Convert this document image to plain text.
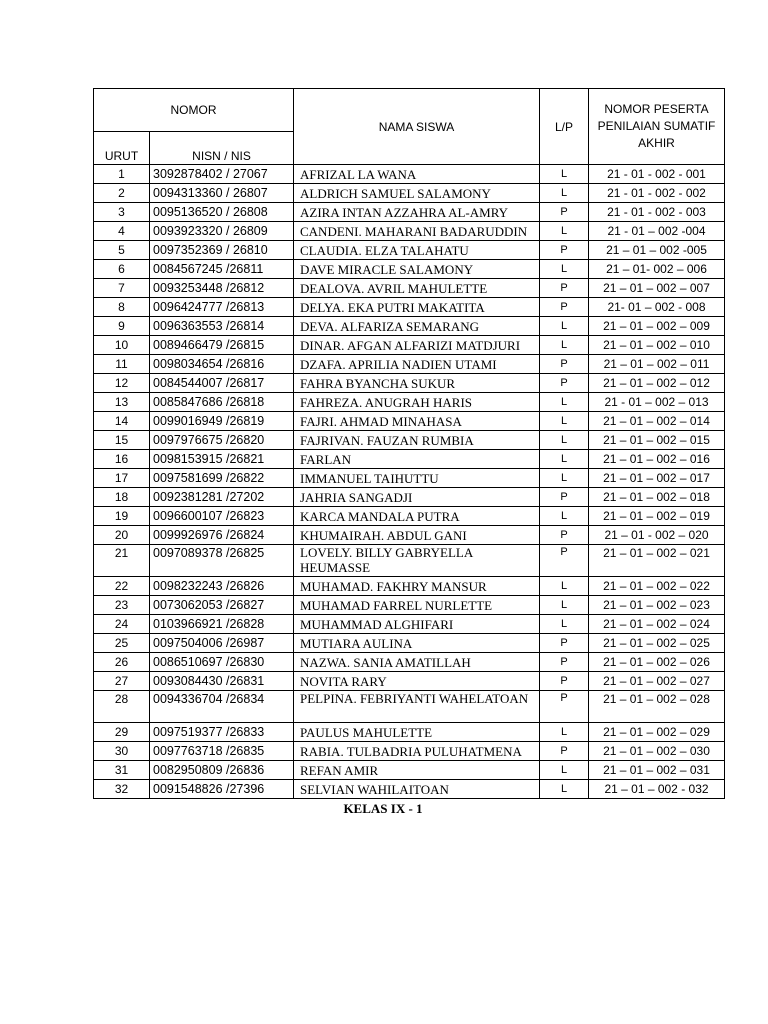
NOMOR		NAMA SISWA	L/P	NOMOR PESERTA
PENILAIAN SUMATIF
AKHIR

URUT	NISN / NIS			
1	3092878402 / 27067	AFRIZAL LA WANA	L	21 - 01 - 002 - 001
2	0094313360 / 26807	ALDRICH SAMUEL SALAMONY	L	21 - 01 - 002 - 002
3	0095136520 / 26808	AZIRA INTAN AZZAHRA AL-AMRY	P	21 - 01 - 002 - 003
4	0093923320 / 26809	CANDENI. MAHARANI BADARUDDIN	L	21 - 01 – 002 -004
5	0097352369 / 26810	CLAUDIA. ELZA TALAHATU	P	21 – 01 – 002 -005
6	0084567245 /26811	DAVE MIRACLE SALAMONY	L	21 – 01- 002 – 006
7	0093253448 /26812	DEALOVA. AVRIL MAHULETTE	P	21 – 01 – 002 – 007
8	0096424777 /26813	DELYA. EKA PUTRI MAKATITA	P	21- 01 – 002 - 008
9	0096363553 /26814	DEVA. ALFARIZA SEMARANG	L	21 – 01 – 002 – 009
10	0089466479 /26815	DINAR. AFGAN ALFARIZI MATDJURI	L	21 – 01 – 002 – 010
11	0098034654 /26816	DZAFA. APRILIA NADIEN UTAMI	P	21 – 01 – 002 – 011
12	0084544007 /26817	FAHRA BYANCHA SUKUR	P	21 – 01 – 002 – 012
13	0085847686 /26818	FAHREZA. ANUGRAH HARIS	L	21 - 01 – 002 – 013
14	0099016949 /26819	FAJRI. AHMAD MINAHASA	L	21 – 01 – 002 – 014
15	0097976675 /26820	FAJRIVAN. FAUZAN RUMBIA	L	21 – 01 – 002 – 015
16	0098153915 /26821	FARLAN	L	21 – 01 – 002 – 016
17	0097581699 /26822	IMMANUEL TAIHUTTU	L	21 – 01 – 002 – 017
18	0092381281 /27202	JAHRIA SANGADJI	P	21 – 01 – 002 – 018
19	0096600107 /26823	KARCA MANDALA PUTRA	L	21 – 01 – 002 – 019
20	0099926976 /26824	KHUMAIRAH. ABDUL GANI	P	21 – 01 - 002 – 020
21	0097089378 /26825	LOVELY. BILLY GABRYELLA HEUMASSE	P	21 – 01 – 002 – 021
22	0098232243 /26826	MUHAMAD. FAKHRY MANSUR	L	21 – 01 – 002 – 022
23	0073062053 /26827	MUHAMAD FARREL NURLETTE	L	21 – 01 – 002 – 023
24	0103966921 /26828	MUHAMMAD ALGHIFARI	L	21 – 01 – 002 – 024
25	0097504006 /26987	MUTIARA AULINA	P	21 – 01 – 002 – 025
26	0086510697 /26830	NAZWA. SANIA AMATILLAH	P	21 – 01 – 002 – 026
27	0093084430 /26831	NOVITA RARY	P	21 – 01 – 002 – 027
28	0094336704 /26834	PELPINA. FEBRIYANTI WAHELATOAN	P	21 – 01 – 002 – 028
29	0097519377 /26833	PAULUS MAHULETTE	L	21 – 01 – 002 – 029
30	0097763718 /26835	RABIA. TULBADRIA PULUHATMENA	P	21 – 01 – 002 – 030
31	0082950809 /26836	REFAN AMIR	L	21 – 01 – 002 – 031
32	0091548826 /27396	SELVIAN WAHILAITOAN	L	21 – 01 – 002 - 032
KELAS IX - 1
